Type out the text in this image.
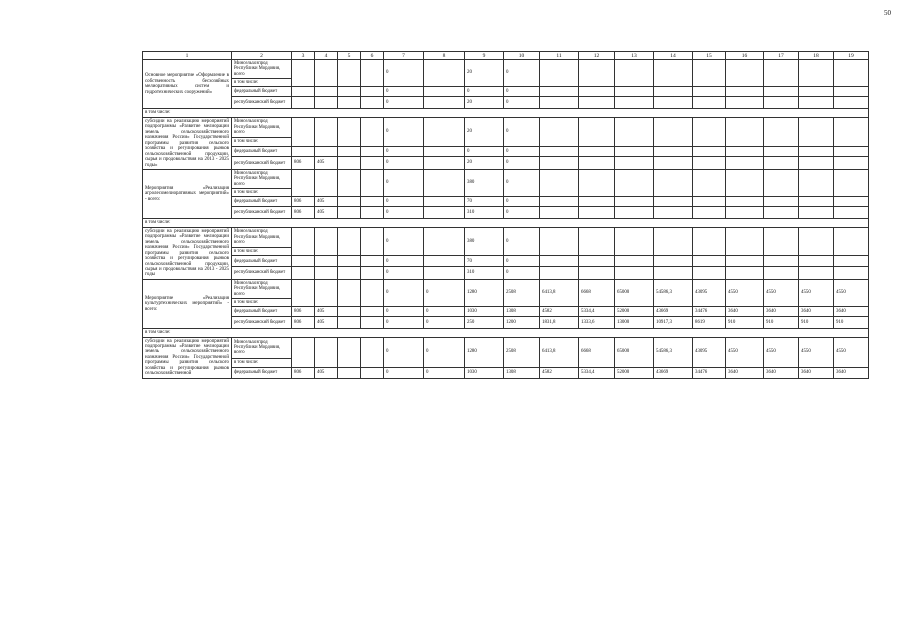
50
1	2	3	4	5	6	7	8	9	10	11	12	13	14	15	16	17	18	19
Основное мероприятие «Оформление в собственность бесхозяйных мелиоративных систем и гидротехнических сооружений»	Минсельхозпрод Республики Мордовия, всего					0		20	0									
	в том числе:																	
	федеральный бюджет					0		0	0									
	республиканский бюджет					0		20	0									
в том числе:																		
субсидии на реализацию мероприятий подпрограммы «Развитие мелиорации земель сельскохозяйственного назначения России» Государственной программы развития сельского хозяйства и регулирования рынков сельскохозяйственной продукции, сырья и продовольствия на 2013 - 2025 годы»	Минсельхозпрод Республики Мордовия, всего					0		20	0									
	в том числе:																	
	федеральный бюджет					0		0	0									
	республиканский бюджет	806	405			0		20	0									
Мероприятия «Реализация агролесомелиоративных мероприятий» - всего:	Минсельхозпрод Республики Мордовия, всего					0		380	0									
	в том числе:																	
	федеральный бюджет	806	405			0		70	0									
	республиканский бюджет	806	405			0		310	0									
в том числе:																		
субсидии на реализацию мероприятий подпрограммы «Развитие мелиорации земель сельскохозяйственного назначения России» Государственной программы развития сельского хозяйства и регулирования рынков сельскохозяйственной продукции, сырья и продовольствия на 2013 - 2025 годы	Минсельхозпрод Республики Мордовия, всего					0		380	0									
	в том числе:																	
	федеральный бюджет					0		70	0									
	республиканский бюджет					0		310	0									
Мероприятие «Реализация культуртехнических мероприятий» - всего:	Минсельхозпрод Республики Мордовия, всего					0	0	1280	2508	6413,8	6668	65000	54586,3	43095	4550	4550	4550	4550
	в том числе:																	
	федеральный бюджет	806	405			0	0	1030	1308	4582	5334,4	52000	43669	34476	3640	3640	3640	3640
	республиканский бюджет	806	405			0	0	250	1200	1831,8	1333,6	13000	10917,3	8619	910	910	910	910
в том числе:																		
субсидии на реализацию мероприятий подпрограммы «Развитие мелиорации земель сельскохозяйственного назначения России» Государственной программы развития сельского хозяйства и регулирования рынков сельскохозяйственной	Минсельхозпрод Республики Мордовия, всего					0	0	1280	2508	6413,8	6668	65000	54586,3	43095	4550	4550	4550	4550
	в том числе:																	
	федеральный бюджет	806	405			0	0	1030	1308	4582	5334,4	52000	43669	34476	3640	3640	3640	3640
